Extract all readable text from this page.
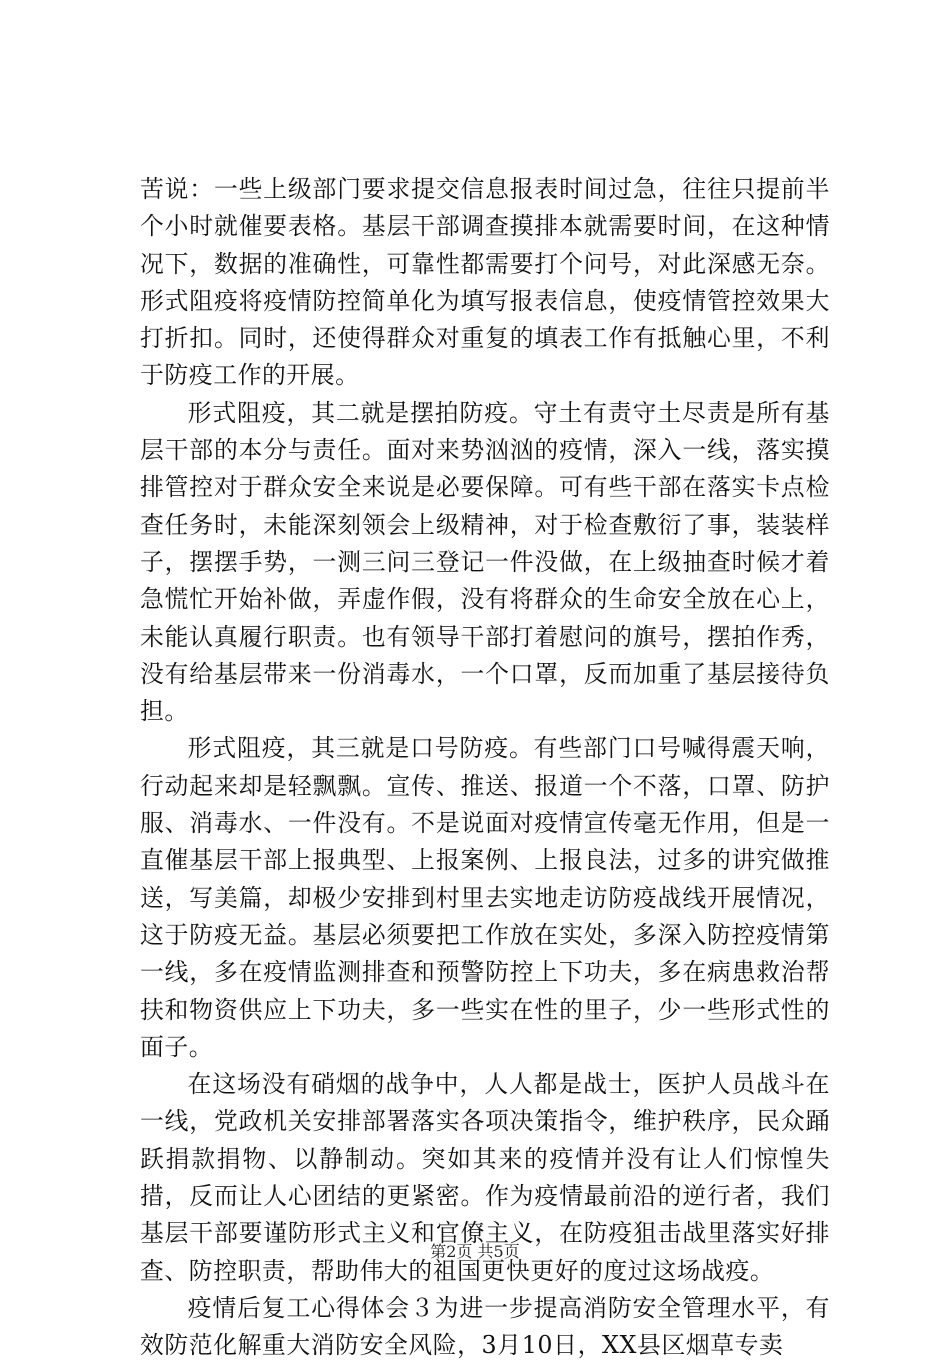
苦说：一些上级部门要求提交信息报表时间过急，往往只提前半个小时就催要表格。基层干部调查摸排本就需要时间，在这种情况下，数据的准确性，可靠性都需要打个问号，对此深感无奈。形式阻疫将疫情防控简单化为填写报表信息，使疫情管控效果大打折扣。同时，还使得群众对重复的填表工作有抵触心里，不利于防疫工作的开展。

形式阻疫，其二就是摆拍防疫。守土有责守土尽责是所有基层干部的本分与责任。面对来势汹汹的疫情，深入一线，落实摸排管控对于群众安全来说是必要保障。可有些干部在落实卡点检查任务时，未能深刻领会上级精神，对于检查敷衍了事，装装样子，摆摆手势，一测三问三登记一件没做，在上级抽查时候才着急慌忙开始补做，弄虚作假，没有将群众的生命安全放在心上，未能认真履行职责。也有领导干部打着慰问的旗号，摆拍作秀，没有给基层带来一份消毒水，一个口罩，反而加重了基层接待负担。

形式阻疫，其三就是口号防疫。有些部门口号喊得震天响，行动起来却是轻飘飘。宣传、推送、报道一个不落，口罩、防护服、消毒水、一件没有。不是说面对疫情宣传毫无作用，但是一直催基层干部上报典型、上报案例、上报良法，过多的讲究做推送，写美篇，却极少安排到村里去实地走访防疫战线开展情况，这于防疫无益。基层必须要把工作放在实处，多深入防控疫情第一线，多在疫情监测排查和预警防控上下功夫，多在病患救治帮扶和物资供应上下功夫，多一些实在性的里子，少一些形式性的面子。

在这场没有硝烟的战争中，人人都是战士，医护人员战斗在一线，党政机关安排部署落实各项决策指令，维护秩序，民众踊跃捐款捐物、以静制动。突如其来的疫情并没有让人们惊惶失措，反而让人心团结的更紧密。作为疫情最前沿的逆行者，我们基层干部要谨防形式主义和官僚主义，在防疫狙击战里落实好排查、防控职责，帮助伟大的祖国更快更好的度过这场战疫。

疫情后复工心得体会３为进一步提高消防安全管理水平，有效防范化解重大消防安全风险，3月10日，XX县区烟草专卖

第2页 共5页
